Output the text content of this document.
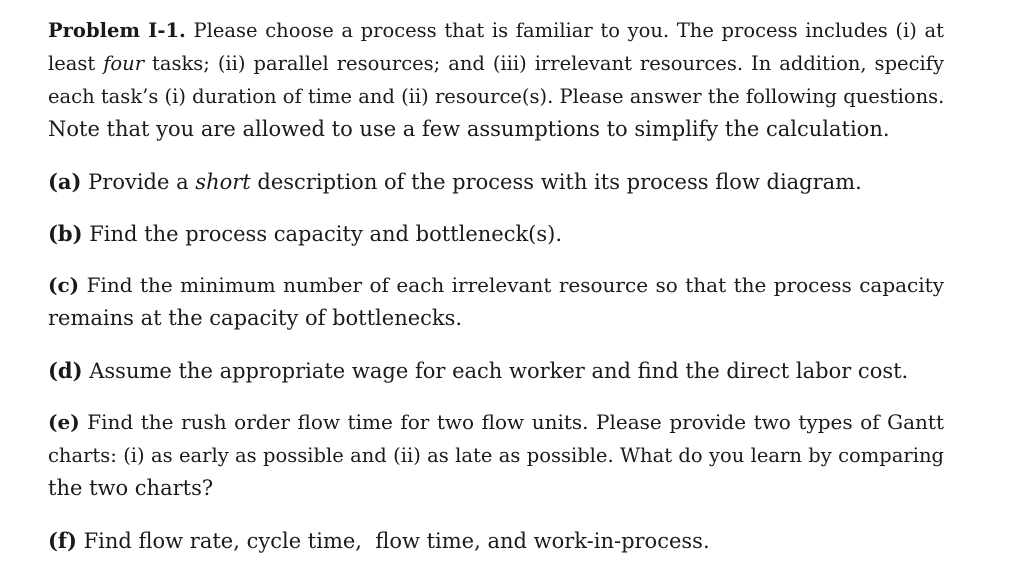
Problem I-1. Please choose a process that is familiar to you. The process includes (i) at
least four tasks; (ii) parallel resources; and (iii) irrelevant resources. In addition, specify
each task’s (i) duration of time and (ii) resource(s). Please answer the following questions.
Note that you are allowed to use a few assumptions to simplify the calculation.
(a) Provide a short description of the process with its process flow diagram.
(b) Find the process capacity and bottleneck(s).
(c) Find the minimum number of each irrelevant resource so that the process capacity
remains at the capacity of bottlenecks.
(d) Assume the appropriate wage for each worker and find the direct labor cost.
(e) Find the rush order flow time for two flow units. Please provide two types of Gantt
charts: (i) as early as possible and (ii) as late as possible. What do you learn by comparing
the two charts?
(f) Find flow rate, cycle time,  flow time, and work-in-process.
